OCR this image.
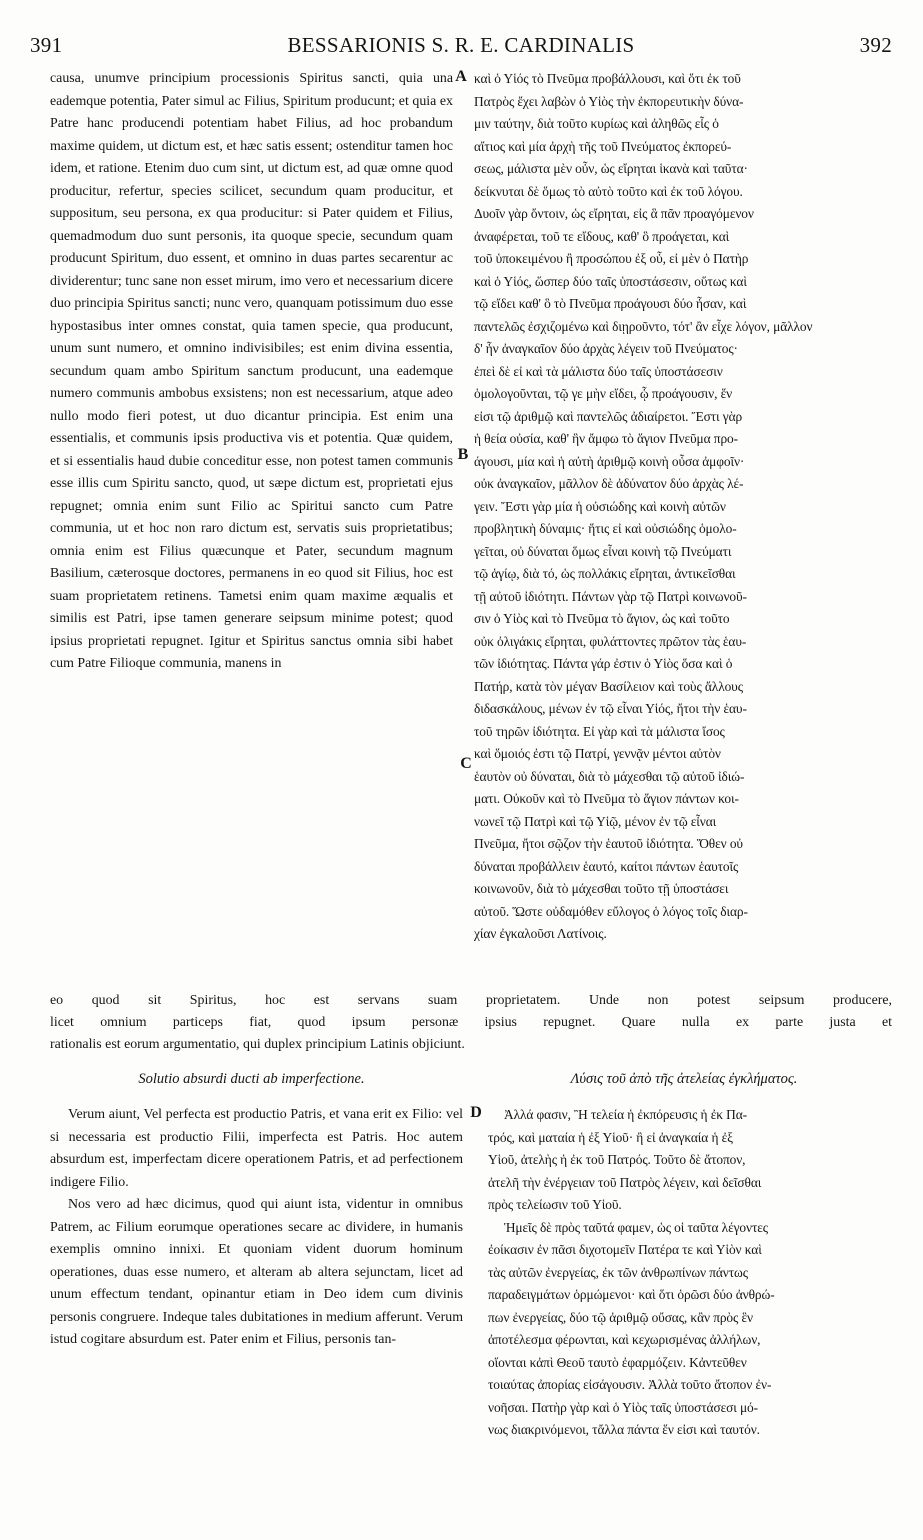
391	BESSARIONIS S. R. E. CARDINALIS	392

causa, unumve principium processionis Spiritus sancti, quia una eademque potentia, Pater simul ac Filius, Spiritum producunt; et quia ex Patre hanc producendi potentiam habet Filius, ad hoc probandum maxime quidem, ut dictum est, et hæc satis essent; ostenditur tamen hoc idem, et ratione. Etenim duo cum sint, ut dictum est, ad quæ omne quod producitur, refertur, species scilicet, secundum quam producitur, et suppositum, seu persona, ex qua producitur: si Pater quidem et Filius, quemadmodum duo sunt personis, ita quoque specie, secundum quam producunt Spiritum, duo essent, et omnino in duas partes secarentur ac dividerentur; tunc sane non esset mirum, imo vero et necessarium dicere duo principia Spiritus sancti; nunc vero, quanquam potissimum duo esse hypostasibus inter omnes constat, quia tamen specie, qua producunt, unum sunt numero, et omnino indivisibiles; est enim divina essentia, secundum quam ambo Spiritum sanctum producunt, una eademque numero communis ambobus exsistens; non est necessarium, atque adeo nullo modo fieri potest, ut duo dicantur principia. Est enim una essentialis, et communis ipsis productiva vis et potentia. Quæ quidem, et si essentialis haud dubie conceditur esse, non potest tamen communis esse illis cum Spiritu sancto, quod, ut sæpe dictum est, proprietati ejus repugnet; omnia enim sunt Filio ac Spiritui sancto cum Patre communia, ut et hoc non raro dictum est, servatis suis proprietatibus; omnia enim est Filius quæcunque et Pater, secundum magnum Basilium, cæterosque doctores, permanens in eo quod sit Filius, hoc est suam proprietatem retinens. Tametsi enim quam maxime æqualis et similis est Patri, ipse tamen generare seipsum minime potest; quod ipsius proprietati repugnet. Igitur et Spiritus sanctus omnia sibi habet cum Patre Filioque communia, manens in

καὶ ὁ Υἱός τὸ Πνεῦμα προβάλλουσι, καὶ ὅτι ἐκ τοῦ
Πατρὸς ἔχει λαβὼν ὁ Υἱὸς τὴν ἐκπορευτικὴν δύνα-
μιν ταύτην, διὰ τοῦτο κυρίως καὶ ἀληθῶς εἷς ὁ
αἴτιος καὶ μία ἀρχὴ τῆς τοῦ Πνεύματος ἐκπορεύ-
σεως, μάλιστα μὲν οὖν, ὡς εἴρηται ἱκανὰ καὶ ταῦτα·
δείκνυται δὲ ὅμως τὸ αὐτὸ τοῦτο καὶ ἐκ τοῦ λόγου.
Δυοῖν γὰρ ὄντοιν, ὡς εἴρηται, εἰς ἃ πᾶν προαγόμενον
ἀναφέρεται, τοῦ τε εἴδους, καθ' ὃ προάγεται, καὶ
τοῦ ὑποκειμένου ἢ προσώπου ἐξ οὗ, εἰ μὲν ὁ Πατὴρ
καὶ ὁ Υἱός, ὥσπερ δύο ταῖς ὑποστάσεσιν, οὕτως καὶ
τῷ εἴδει καθ' ὃ τὸ Πνεῦμα προάγουσι δύο ἦσαν, καὶ
παντελῶς ἐσχιζομένω καὶ διῃροῦντο, τότ' ἂν εἶχε λόγον, μᾶλλον
δ' ἦν ἀναγκαῖον δύο ἀρχὰς λέγειν τοῦ Πνεύματος·
ἐπεὶ δὲ εἰ καὶ τὰ μάλιστα δύο ταῖς ὑποστάσεσιν
ὁμολογοῦνται, τῷ γε μὴν εἴδει, ᾧ προάγουσιν, ἕν
εἰσι τῷ ἀριθμῷ καὶ παντελῶς ἀδιαίρετοι. Ἔστι γὰρ
ἡ θεία οὐσία, καθ' ἣν ἄμφω τὸ ἅγιον Πνεῦμα προ-
άγουσι, μία καὶ ἡ αὐτὴ ἀριθμῷ κοινὴ οὖσα ἀμφοῖν·
οὐκ ἀναγκαῖον, μᾶλλον δὲ ἀδύνατον δύο ἀρχὰς λέ-
γειν. Ἔστι γὰρ μία ἡ οὐσιώδης καὶ κοινὴ αὐτῶν
προβλητικὴ δύναμις· ἥτις εἰ καὶ οὐσιώδης ὁμολο-
γεῖται, οὐ δύναται ὅμως εἶναι κοινὴ τῷ Πνεύματι
τῷ ἁγίῳ, διὰ τό, ὡς πολλάκις εἴρηται, ἀντικεῖσθαι
τῇ αὐτοῦ ἰδιότητι. Πάντων γὰρ τῷ Πατρὶ κοινωνοῦ-
σιν ὁ Υἱὸς καὶ τὸ Πνεῦμα τὸ ἅγιον, ὡς καὶ τοῦτο
οὐκ ὀλιγάκις εἴρηται, φυλάττοντες πρῶτον τὰς ἑαυ-
τῶν ἰδιότητας. Πάντα γάρ ἐστιν ὁ Υἱὸς ὅσα καὶ ὁ
Πατήρ, κατὰ τὸν μέγαν Βασίλειον καὶ τοὺς ἄλλους
διδασκάλους, μένων ἐν τῷ εἶναι Υἱός, ἤτοι τὴν ἑαυ-
τοῦ τηρῶν ἰδιότητα. Εἰ γὰρ καὶ τὰ μάλιστα ἴσος
καὶ ὅμοιός ἐστι τῷ Πατρί, γεννᾷν μέντοι αὐτὸν
ἑαυτὸν οὐ δύναται, διὰ τὸ μάχεσθαι τῷ αὐτοῦ ἰδιώ-
ματι. Οὐκοῦν καὶ τὸ Πνεῦμα τὸ ἅγιον πάντων κοι-
νωνεῖ τῷ Πατρὶ καὶ τῷ Υἱῷ, μένον ἐν τῷ εἶναι
Πνεῦμα, ἤτοι σῷζον τὴν ἑαυτοῦ ἰδιότητα. Ὅθεν οὐ
δύναται προβάλλειν ἑαυτό, καίτοι πάντων ἑαυτοῖς
κοινωνοῦν, διὰ τὸ μάχεσθαι τοῦτο τῇ ὑποστάσει
αὐτοῦ. Ὥστε οὐδαμόθεν εὔλογος ὁ λόγος τοῖς διαρ-
χίαν ἐγκαλοῦσι Λατίνοις.
A
B
C
D
eo quod sit Spiritus, hoc est servans suam proprietatem. Unde non potest seipsum producere,
licet omnium particeps fiat, quod ipsum personæ ipsius repugnet. Quare nulla ex parte justa et
rationalis est eorum argumentatio, qui duplex principium Latinis objiciunt.
Solutio absurdi ducti ab imperfectione.	Λύσις τοῦ ἀπὸ τῆς ἀτελείας ἐγκλήματος.

Verum aiunt, Vel perfecta est productio Patris, et vana erit ex Filio: vel si necessaria est productio Filii, imperfecta est Patris. Hoc autem absurdum est, imperfectam dicere operationem Patris, et ad perfectionem indigere Filio.

Nos vero ad hæc dicimus, quod qui aiunt ista, videntur in omnibus Patrem, ac Filium eorumque operationes secare ac dividere, in humanis exemplis omnino innixi. Et quoniam vident duorum hominum operationes, duas esse numero, et alteram ab altera sejunctam, licet ad unum effectum tendant, opinantur etiam in Deo idem cum divinis personis congruere. Indeque tales dubitationes in medium afferunt. Verum istud cogitare absurdum est. Pater enim et Filius, personis tan-

Ἀλλά φασιν, Ἢ τελεία ἡ ἐκπόρευσις ἡ ἐκ Πα-
τρός, καὶ ματαία ἡ ἐξ Υἱοῦ· ἢ εἰ ἀναγκαία ἡ ἐξ
Υἱοῦ, ἀτελὴς ἡ ἐκ τοῦ Πατρός. Τοῦτο δὲ ἄτοπον,
ἀτελῆ τὴν ἐνέργειαν τοῦ Πατρὸς λέγειν, καὶ δεῖσθαι
πρὸς τελείωσιν τοῦ Υἱοῦ.
Ἡμεῖς δὲ πρὸς ταῦτά φαμεν, ὡς οἱ ταῦτα λέγοντες
ἐοίκασιν ἐν πᾶσι διχοτομεῖν Πατέρα τε καὶ Υἱὸν καὶ
τὰς αὐτῶν ἐνεργείας, ἐκ τῶν ἀνθρωπίνων πάντως
παραδειγμάτων ὁρμώμενοι· καὶ ὅτι ὁρῶσι δύο ἀνθρώ-
πων ἐνεργείας, δύο τῷ ἀριθμῷ οὔσας, κἂν πρὸς ἓν
ἀποτέλεσμα φέρωνται, καὶ κεχωρισμένας ἀλλήλων,
οἴονται κἀπὶ Θεοῦ ταυτὸ ἐφαρμόζειν. Κἀντεῦθεν
τοιαύτας ἀπορίας εἰσάγουσιν. Ἀλλὰ τοῦτο ἄτοπον ἐν-
νοῆσαι. Πατὴρ γὰρ καὶ ὁ Υἱὸς ταῖς ὑποστάσεσι μό-
νως διακρινόμενοι, τἄλλα πάντα ἕν εἰσι καὶ ταυτόν.
